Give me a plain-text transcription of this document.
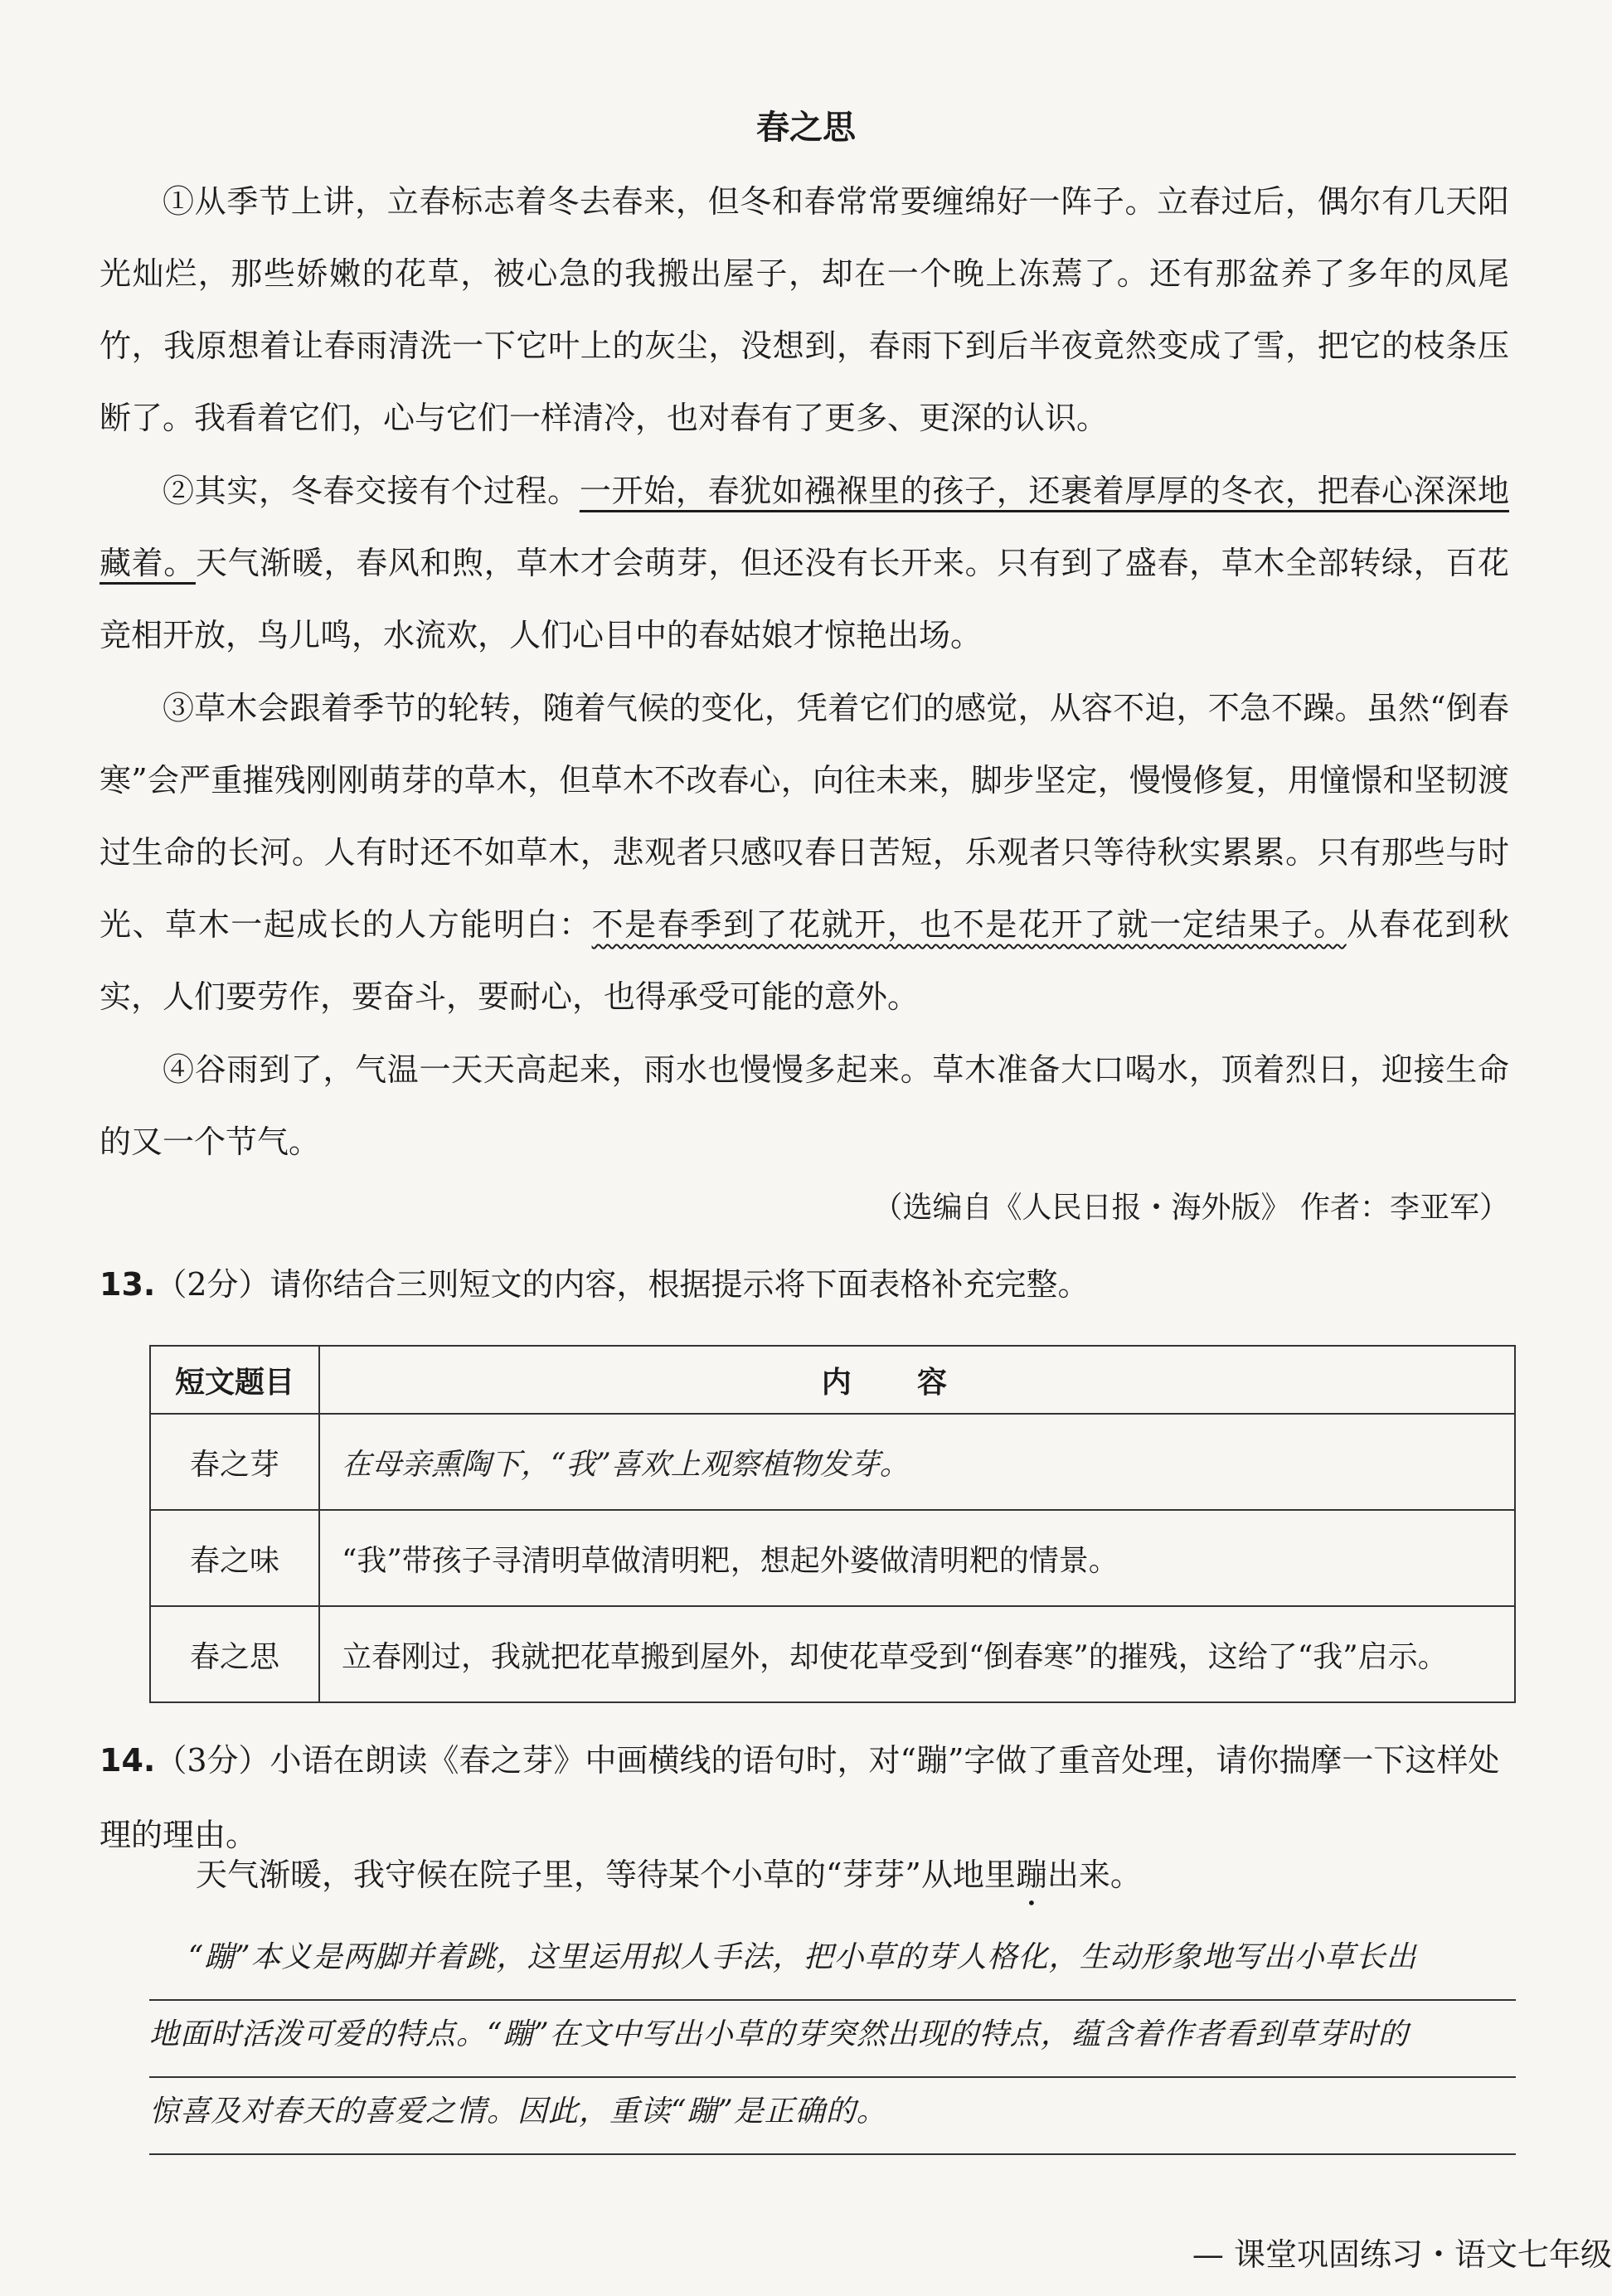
春之思

①从季节上讲，立春标志着冬去春来，但冬和春常常要缠绵好一阵子。立春过后，偶尔有几天阳光灿烂，那些娇嫩的花草，被心急的我搬出屋子，却在一个晚上冻蔫了。还有那盆养了多年的凤尾竹，我原想着让春雨清洗一下它叶上的灰尘，没想到，春雨下到后半夜竟然变成了雪，把它的枝条压断了。我看着它们，心与它们一样清冷，也对春有了更多、更深的认识。

②其实，冬春交接有个过程。一开始，春犹如襁褓里的孩子，还裹着厚厚的冬衣，把春心深深地藏着。天气渐暖，春风和煦，草木才会萌芽，但还没有长开来。只有到了盛春，草木全部转绿，百花竞相开放，鸟儿鸣，水流欢，人们心目中的春姑娘才惊艳出场。

③草木会跟着季节的轮转，随着气候的变化，凭着它们的感觉，从容不迫，不急不躁。虽然“倒春寒”会严重摧残刚刚萌芽的草木，但草木不改春心，向往未来，脚步坚定，慢慢修复，用憧憬和坚韧渡过生命的长河。人有时还不如草木，悲观者只感叹春日苦短，乐观者只等待秋实累累。只有那些与时光、草木一起成长的人方能明白：不是春季到了花就开，也不是花开了就一定结果子。从春花到秋实，人们要劳作，要奋斗，要耐心，也得承受可能的意外。

④谷雨到了，气温一天天高起来，雨水也慢慢多起来。草木准备大口喝水，顶着烈日，迎接生命的又一个节气。

（选编自《人民日报・海外版》 作者：李亚军）
13.（2分）请你结合三则短文的内容，根据提示将下面表格补充完整。
短文题目	内容
春之芽	在母亲熏陶下，“我”喜欢上观察植物发芽。
春之味	“我”带孩子寻清明草做清明粑，想起外婆做清明粑的情景。
春之思	立春刚过，我就把花草搬到屋外，却使花草受到“倒春寒”的摧残，这给了“我”启示。
14.（3分）小语在朗读《春之芽》中画横线的语句时，对“蹦”字做了重音处理，请你揣摩一下这样处理的理由。
天气渐暖，我守候在院子里，等待某个小草的“芽芽”从地里蹦出来。
“蹦”本义是两脚并着跳，这里运用拟人手法，把小草的芽人格化，生动形象地写出小草长出
地面时活泼可爱的特点。“蹦”在文中写出小草的芽突然出现的特点，蕴含着作者看到草芽时的
惊喜及对春天的喜爱之情。因此，重读“蹦”是正确的。
— 课堂巩固练习・语文七年级
